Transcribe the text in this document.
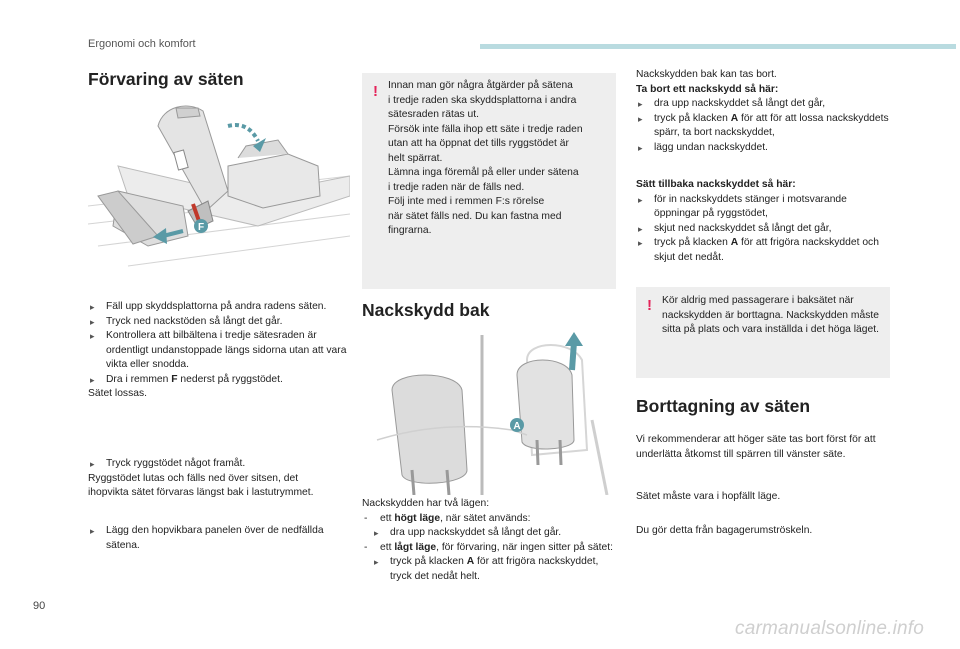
Ergonomi och komfort
Förvaring av säten
F
▸ Fäll upp skyddsplattorna på andra radens säten.
▸ Tryck ned nackstöden så långt det går.
▸ Kontrollera att bilbältena i tredje sätesraden är ordentligt undanstoppade längs sidorna utan att vara vikta eller snodda.
▸ Dra i remmen F nederst på ryggstödet.
Sätet lossas.
▸ Tryck ryggstödet något framåt.
Ryggstödet lutas och fälls ned över sitsen, det ihopvikta sätet förvaras längst bak i lastutrymmet.
▸ Lägg den hopvikbara panelen över de nedfällda sätena.
! Innan man gör några åtgärder på sätena
i tredje raden ska skyddsplattorna i andra
sätesraden rätas ut.
Försök inte fälla ihop ett säte i tredje raden
utan att ha öppnat det tills ryggstödet är
helt spärrat.
Lämna inga föremål på eller under sätena
i tredje raden när de fälls ned.
Följ inte med i remmen F:s rörelse
när sätet fälls ned. Du kan fastna med
fingrarna.
Nackskydd bak
A
Nackskydden har två lägen:
- ett högt läge, när sätet används:
▸ dra upp nackskyddet så långt det går.
- ett lågt läge, för förvaring, när ingen sitter på sätet:
▸ tryck på klacken A för att frigöra nackskyddet, tryck det nedåt helt.
Nackskydden bak kan tas bort.
Ta bort ett nackskydd så här:
▸ dra upp nackskyddet så långt det går,
▸ tryck på klacken A för att för att lossa nackskyddets spärr, ta bort nackskyddet,
▸ lägg undan nackskyddet.
Sätt tillbaka nackskyddet så här:
▸ för in nackskyddets stänger i motsvarande öppningar på ryggstödet,
▸ skjut ned nackskyddet så långt det går,
▸ tryck på klacken A för att frigöra nackskyddet och skjut det nedåt.
! Kör aldrig med passagerare i baksätet när nackskydden är borttagna. Nackskydden måste sitta på plats och vara inställda i det höga läget.
Borttagning av säten
Vi rekommenderar att höger säte tas bort först för att underlätta åtkomst till spärren till vänster säte.
Sätet måste vara i hopfällt läge.
Du gör detta från bagagerumströskeln.
90
carmanualsonline.info
